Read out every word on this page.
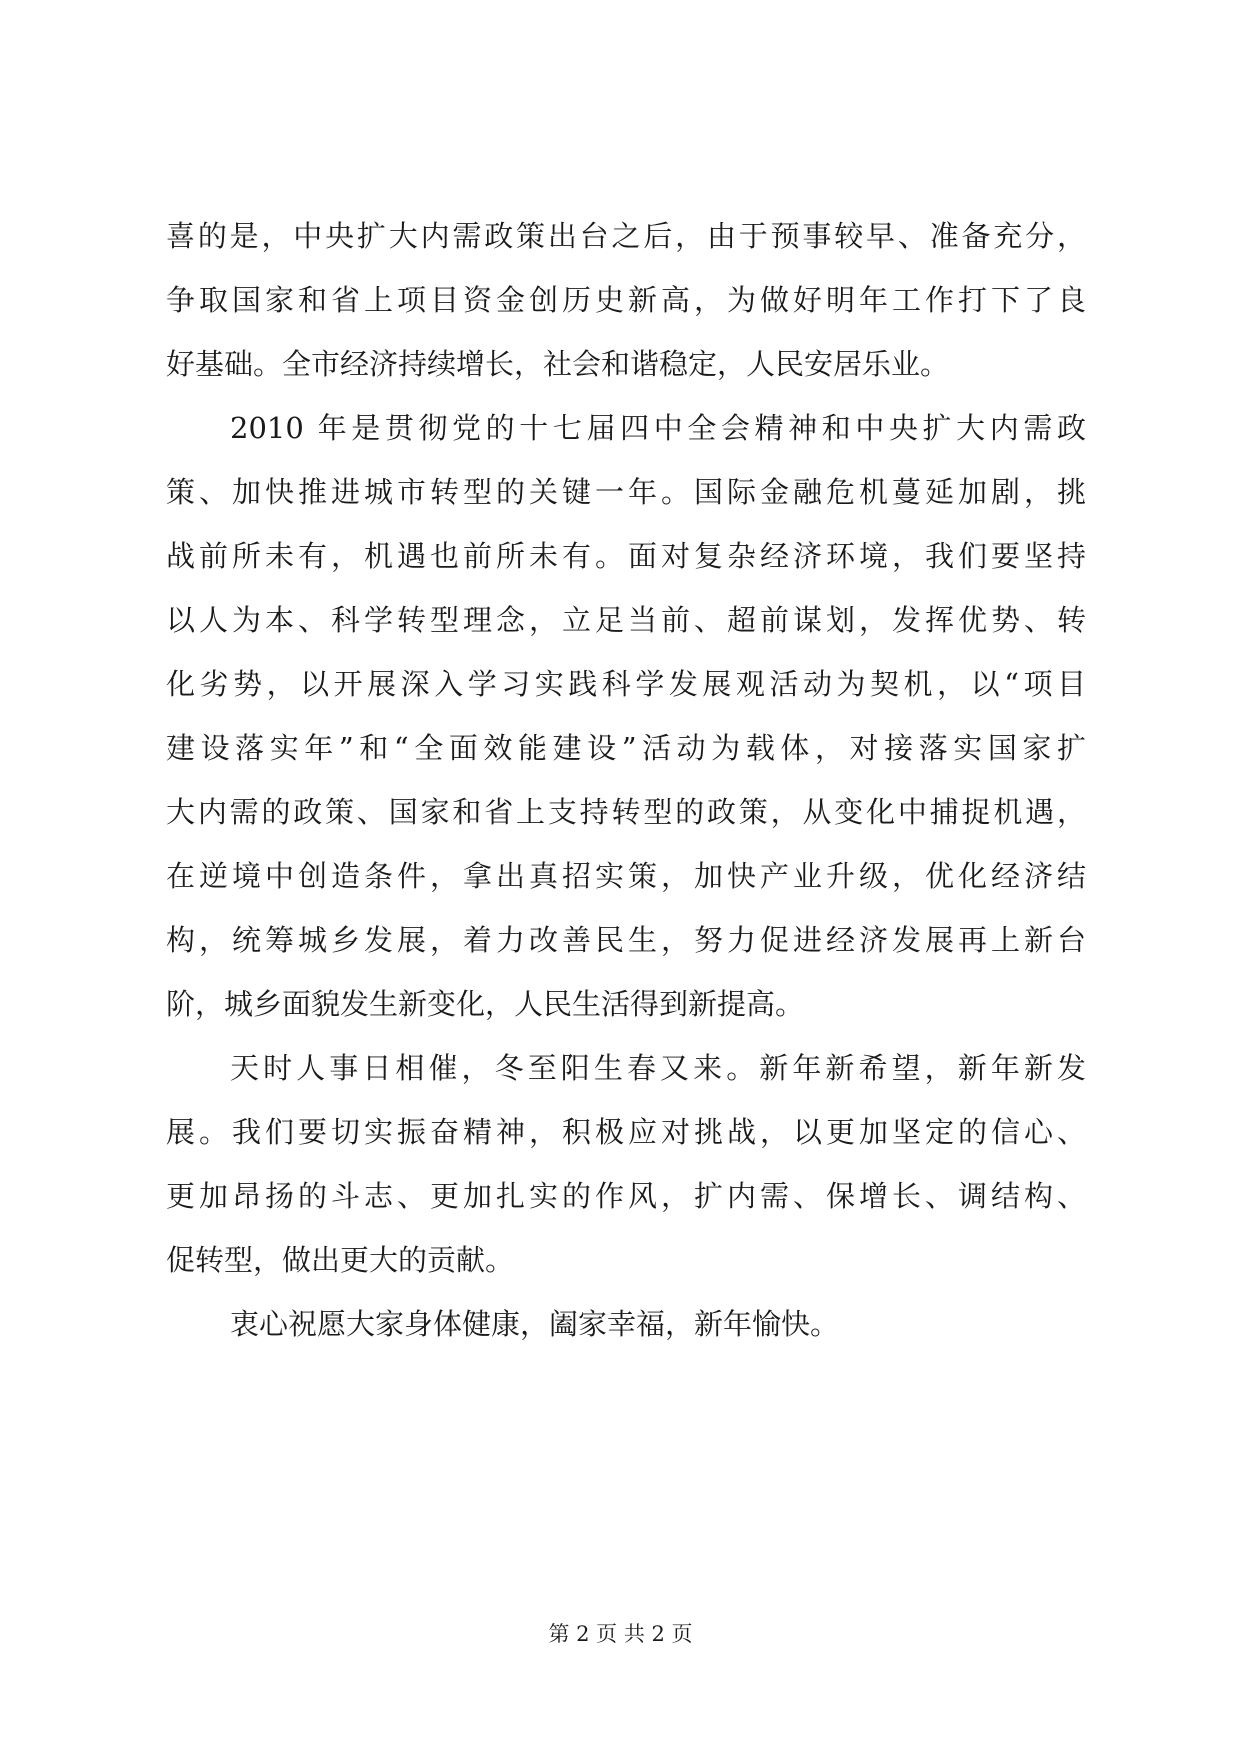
喜的是，中央扩大内需政策出台之后，由于预事较早、准备充分，
争取国家和省上项目资金创历史新高，为做好明年工作打下了良
好基础。全市经济持续增长，社会和谐稳定，人民安居乐业。
2010 年是贯彻党的十七届四中全会精神和中央扩大内需政
策、加快推进城市转型的关键一年。国际金融危机蔓延加剧，挑
战前所未有，机遇也前所未有。面对复杂经济环境，我们要坚持
以人为本、科学转型理念，立足当前、超前谋划，发挥优势、转
化劣势，以开展深入学习实践科学发展观活动为契机，以“项目
建设落实年”和“全面效能建设”活动为载体，对接落实国家扩
大内需的政策、国家和省上支持转型的政策，从变化中捕捉机遇，
在逆境中创造条件，拿出真招实策，加快产业升级，优化经济结
构，统筹城乡发展，着力改善民生，努力促进经济发展再上新台
阶，城乡面貌发生新变化，人民生活得到新提高。
天时人事日相催，冬至阳生春又来。新年新希望，新年新发
展。我们要切实振奋精神，积极应对挑战，以更加坚定的信心、
更加昂扬的斗志、更加扎实的作风，扩内需、保增长、调结构、
促转型，做出更大的贡献。
衷心祝愿大家身体健康，阖家幸福，新年愉快。
第 2 页 共 2 页
